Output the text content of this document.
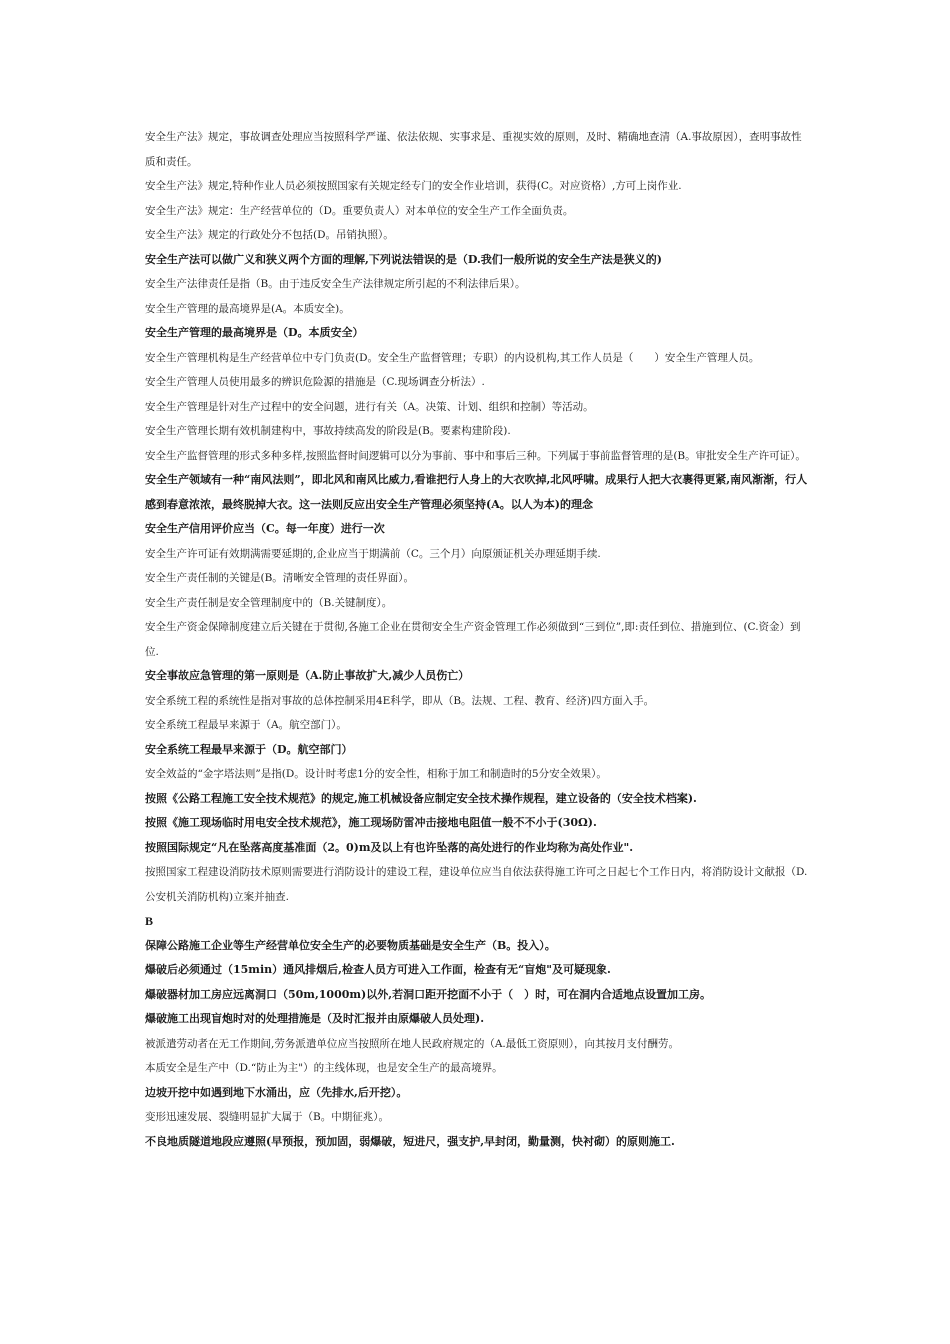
安全生产法》规定，事故调查处理应当按照科学严谨、依法依规、实事求是、重视实效的原则，及时、精确地查清（A.事故原因），查明事故性质和责任。
安全生产法》规定,特种作业人员必须按照国家有关规定经专门的安全作业培训，获得(C。对应资格）,方可上岗作业.
安全生产法》规定：生产经营单位的（D。重要负责人）对本单位的安全生产工作全面负责。
安全生产法》规定的行政处分不包括(D。吊销执照）。
安全生产法可以做广义和狭义两个方面的理解,下列说法错误的是（D.我们一般所说的安全生产法是狭义的)
安全生产法律责任是指（B。由于违反安全生产法律规定所引起的不利法律后果）。
安全生产管理的最高境界是(A。本质安全)。
安全生产管理的最高境界是（D。本质安全）
安全生产管理机构是生产经营单位中专门负责(D。安全生产监督管理；专职）的内设机构,其工作人员是（　　）安全生产管理人员。
安全生产管理人员使用最多的辨识危险源的措施是（C.现场调查分析法）.
安全生产管理是针对生产过程中的安全问题，进行有关（A。决策、计划、组织和控制）等活动。
安全生产管理长期有效机制建构中，事故持续高发的阶段是(B。要素构建阶段).
安全生产监督管理的形式多种多样,按照监督时间逻辑可以分为事前、事中和事后三种。下列属于事前监督管理的是(B。审批安全生产许可证）。
安全生产领域有一种“南风法则”，即北风和南风比威力,看谁把行人身上的大衣吹掉,北风呼啸。成果行人把大衣裹得更紧,南风渐渐，行人感到春意浓浓，最终脱掉大衣。这一法则反应出安全生产管理必须坚持(A。以人为本)的理念
安全生产信用评价应当（C。每一年度）进行一次
安全生产许可证有效期满需要延期的,企业应当于期满前（C。三个月）向原颁证机关办理延期手续.
安全生产责任制的关键是(B。清晰安全管理的责任界面）。
安全生产责任制是安全管理制度中的（B.关键制度）。
安全生产资金保障制度建立后关键在于贯彻,各施工企业在贯彻安全生产资金管理工作必须做到“三到位”,即:责任到位、措施到位、(C.资金）到位.
安全事故应急管理的第一原则是（A.防止事故扩大,减少人员伤亡）
安全系统工程的系统性是指对事故的总体控制采用4E科学，即从（B。法规、工程、教育、经济)四方面入手。
安全系统工程最早来源于（A。航空部门）。
安全系统工程最早来源于（D。航空部门）
安全效益的“金字塔法则”是指(D。设计时考虑1分的安全性，相称于加工和制造时的5分安全效果）。
按照《公路工程施工安全技术规范》的规定,施工机械设备应制定安全技术操作规程，建立设备的（安全技术档案).
按照《施工现场临时用电安全技术规范》，施工现场防雷冲击接地电阻值一般不不小于(30Ω).
按照国际规定“凡在坠落高度基准面（2。0)m及以上有也许坠落的高处进行的作业均称为高处作业".
按照国家工程建设消防技术原则需要进行消防设计的建设工程，建设单位应当自依法获得施工许可之日起七个工作日内，将消防设计文献报（D.公安机关消防机构)立案并抽查.
B
保障公路施工企业等生产经营单位安全生产的必要物质基础是安全生产（B。投入）。
爆破后必须通过（15min）通风排烟后,检查人员方可进入工作面，检查有无“盲炮"及可疑现象.
爆破器材加工房应远离洞口（50m,1000m)以外,若洞口距开挖面不小于（　）时，可在洞内合适地点设置加工房。
爆破施工出现盲炮时对的处理措施是（及时汇报并由原爆破人员处理).
被派遣劳动者在无工作期间,劳务派遣单位应当按照所在地人民政府规定的（A.最低工资原则），向其按月支付酬劳。
本质安全是生产中（D.“防止为主"）的主线体现，也是安全生产的最高境界。
边坡开挖中如遇到地下水涌出，应（先排水,后开挖）。
变形迅速发展、裂缝明显扩大属于（B。中期征兆）。
不良地质隧道地段应遵照(早预报，预加固，弱爆破，短进尺，强支护,早封闭，勤量测，快衬砌）的原则施工.
